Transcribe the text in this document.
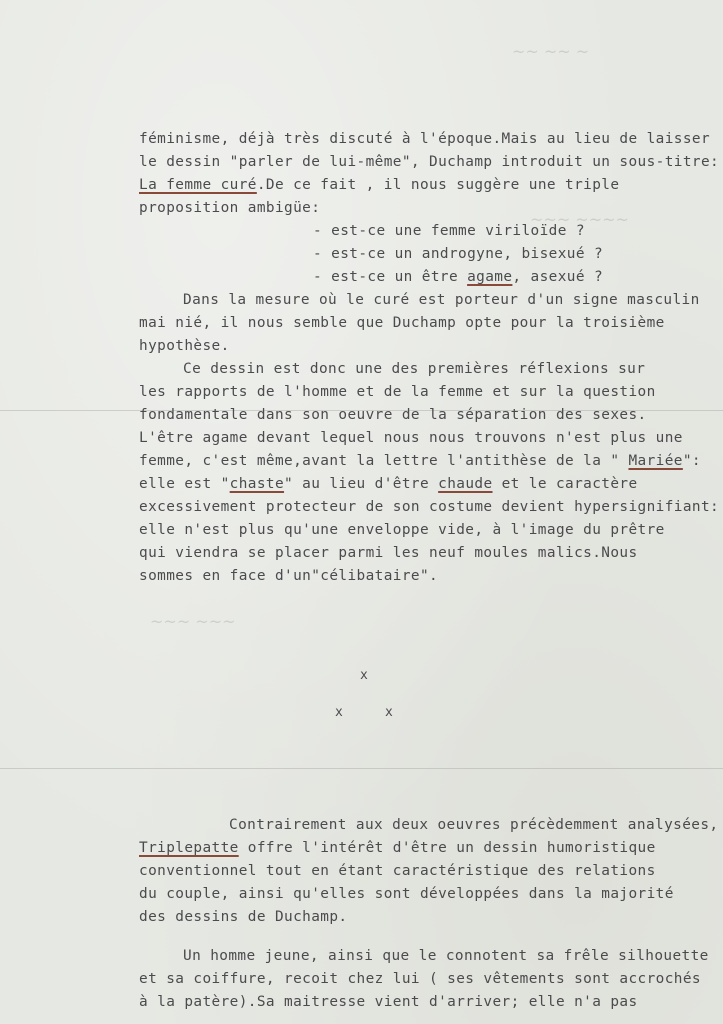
~~ ~~ ~
~~~ ~~~~
~~~ ~~~
féminisme, déjà très discuté à l'époque.Mais au lieu de laisser
le dessin "parler de lui-même", Duchamp introduit un sous-titre:
La femme curé.De ce fait , il nous suggère une triple
proposition ambigüe:
- est-ce une femme viriloïde ?
- est-ce un androgyne, bisexué ?
- est-ce un être agame, asexué ?
Dans la mesure où le curé est porteur d'un signe masculin
mai nié, il nous semble que Duchamp opte pour la troisième
hypothèse.
Ce dessin est donc une des premières réflexions sur
les rapports de l'homme et de la femme et sur la question
fondamentale dans son oeuvre de la séparation des sexes.
L'être agame devant lequel nous nous trouvons n'est plus une
femme, c'est même,avant la lettre l'antithèse de la " Mariée":
elle est "chaste" au lieu d'être chaude et le caractère
excessivement protecteur de son costume devient hypersignifiant:
elle n'est plus qu'une enveloppe vide, à l'image du prêtre
qui viendra se placer parmi les neuf moules malics.Nous
sommes en face d'un"célibataire".
x
x	x
Contrairement aux deux oeuvres précèdemment analysées,
Triplepatte offre l'intérêt d'être un dessin humoristique
conventionnel tout en étant caractéristique des relations
du couple, ainsi qu'elles sont développées dans la majorité
des dessins de Duchamp.
Un homme jeune, ainsi que le connotent sa frêle silhouette
et sa coiffure, recoit chez lui ( ses vêtements sont accrochés
à la patère).Sa maitresse vient d'arriver; elle n'a pas
